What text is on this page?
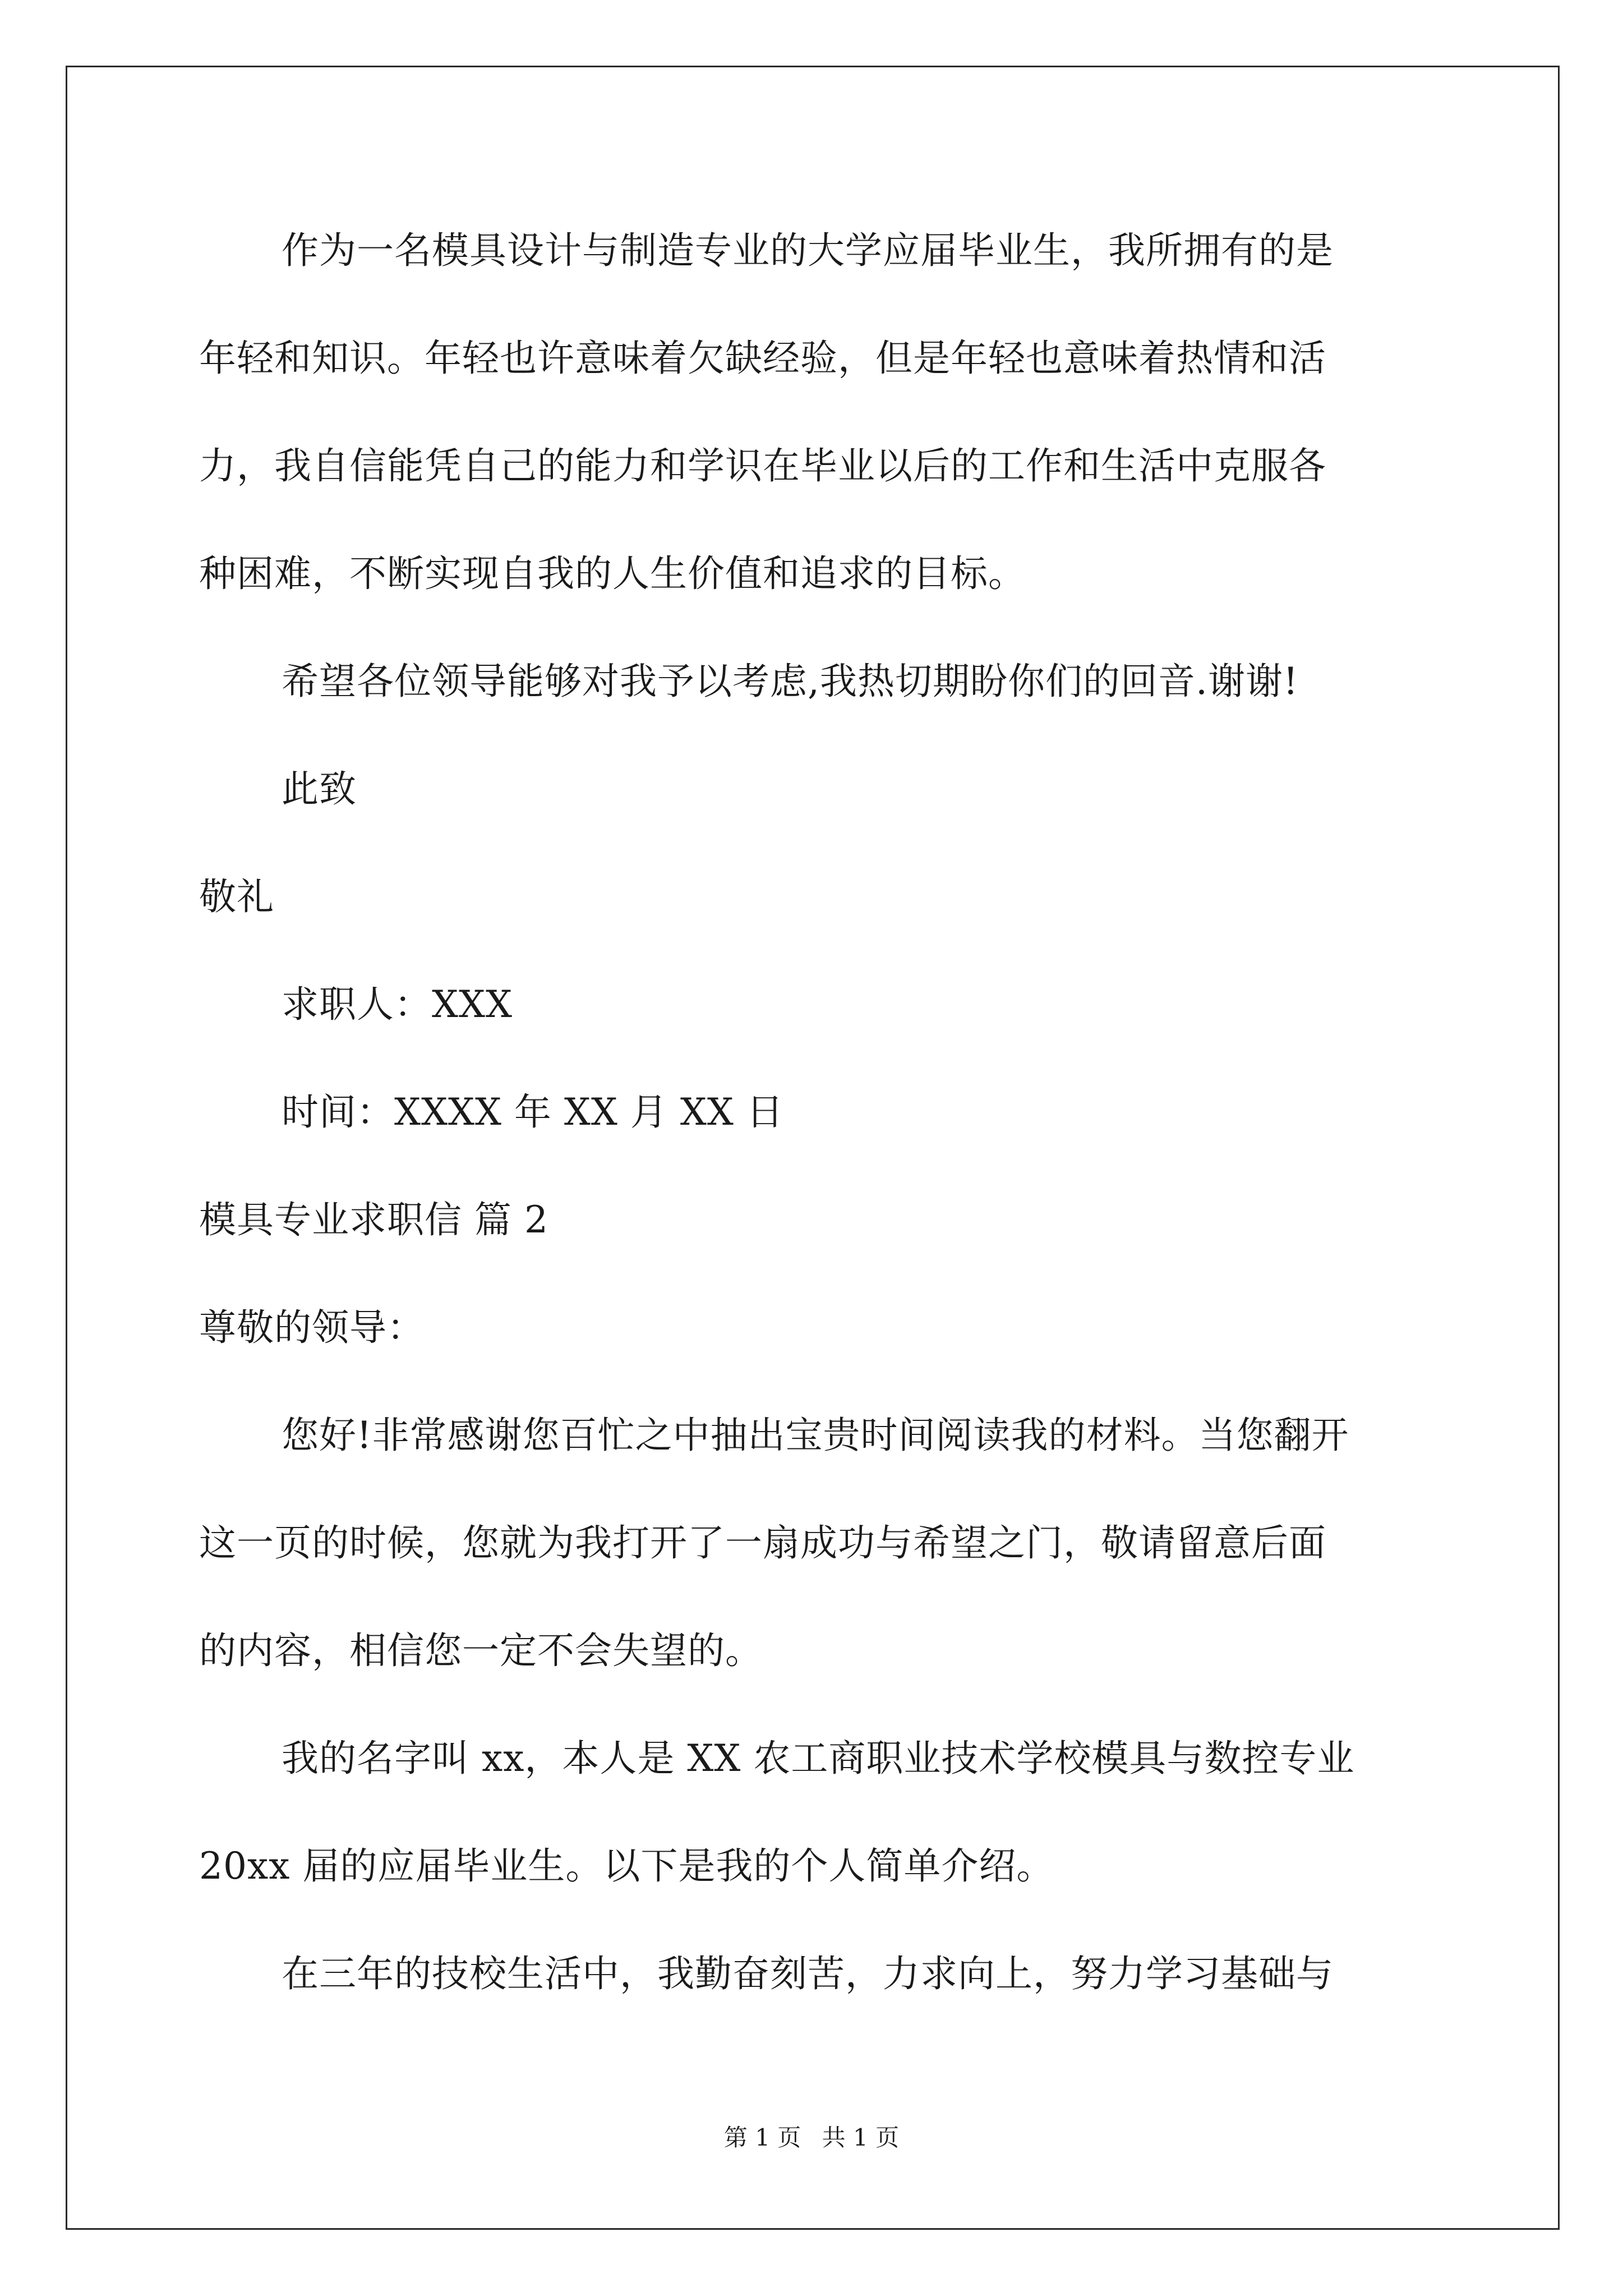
作为一名模具设计与制造专业的大学应届毕业生，我所拥有的是
年轻和知识。年轻也许意味着欠缺经验，但是年轻也意味着热情和活
力，我自信能凭自己的能力和学识在毕业以后的工作和生活中克服各
种困难，不断实现自我的人生价值和追求的目标。
希望各位领导能够对我予以考虑,我热切期盼你们的回音.谢谢!
此致
敬礼
求职人：XXX
时间：XXXX 年 XX 月 XX 日
模具专业求职信 篇 2
尊敬的领导：
您好!非常感谢您百忙之中抽出宝贵时间阅读我的材料。当您翻开
这一页的时候，您就为我打开了一扇成功与希望之门，敬请留意后面
的内容，相信您一定不会失望的。
我的名字叫 xx，本人是 XX 农工商职业技术学校模具与数控专业
20xx 届的应届毕业生。以下是我的个人简单介绍。
在三年的技校生活中，我勤奋刻苦，力求向上，努力学习基础与
第 1 页 共 1 页
